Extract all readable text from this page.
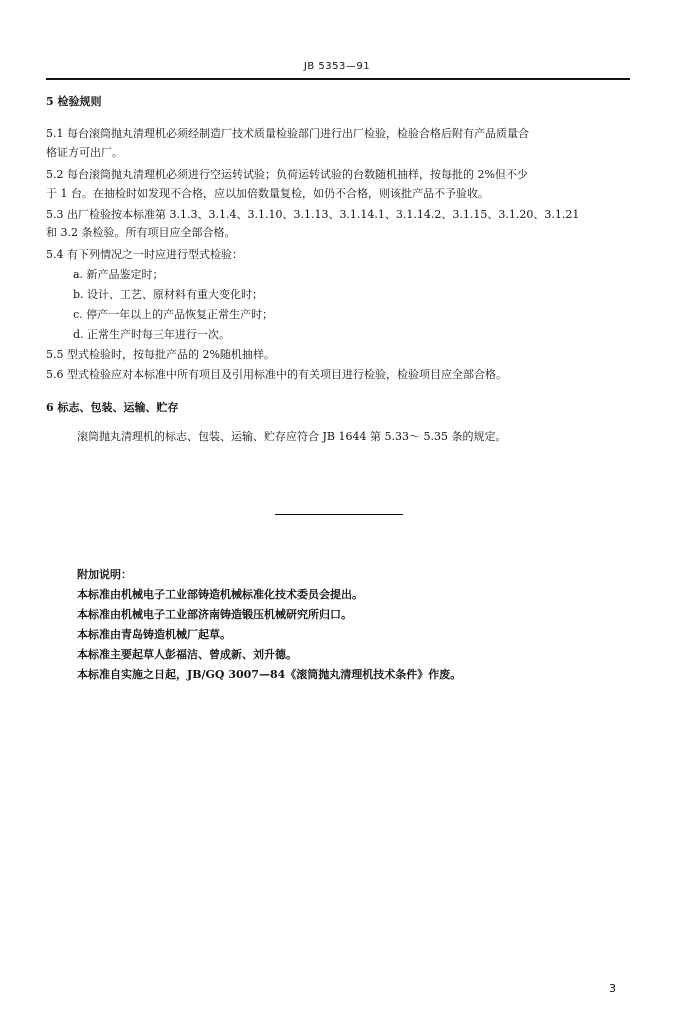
JB 5353—91
5 检验规则
5.1 每台滚筒抛丸清理机必须经制造厂技术质量检验部门进行出厂检验，检验合格后附有产品质量合
格证方可出厂。
5.2 每台滚筒抛丸清理机必须进行空运转试验；负荷运转试验的台数随机抽样，按每批的 2%但不少
于 1 台。在抽检时如发现不合格，应以加倍数量复检，如仍不合格，则该批产品不予验收。
5.3 出厂检验按本标准第 3.1.3、3.1.4、3.1.10、3.1.13、3.1.14.1、3.1.14.2、3.1.15、3.1.20、3.1.21
和 3.2 条检验。所有项目应全部合格。
5.4 有下列情况之一时应进行型式检验：
a. 新产品鉴定时；
b. 设计、工艺、原材料有重大变化时；
c. 停产一年以上的产品恢复正常生产时；
d. 正常生产时每三年进行一次。
5.5 型式检验时，按每批产品的 2%随机抽样。
5.6 型式检验应对本标准中所有项目及引用标准中的有关项目进行检验，检验项目应全部合格。
6 标志、包装、运输、贮存
滚筒抛丸清理机的标志、包装、运输、贮存应符合 JB 1644 第 5.33～ 5.35 条的规定。
附加说明：
本标准由机械电子工业部铸造机械标准化技术委员会提出。
本标准由机械电子工业部济南铸造锻压机械研究所归口。
本标准由青岛铸造机械厂起草。
本标准主要起草人彭福洁、曾成新、刘升德。
本标准自实施之日起，JB/GQ 3007—84《滚筒抛丸清理机技术条件》作废。
3
